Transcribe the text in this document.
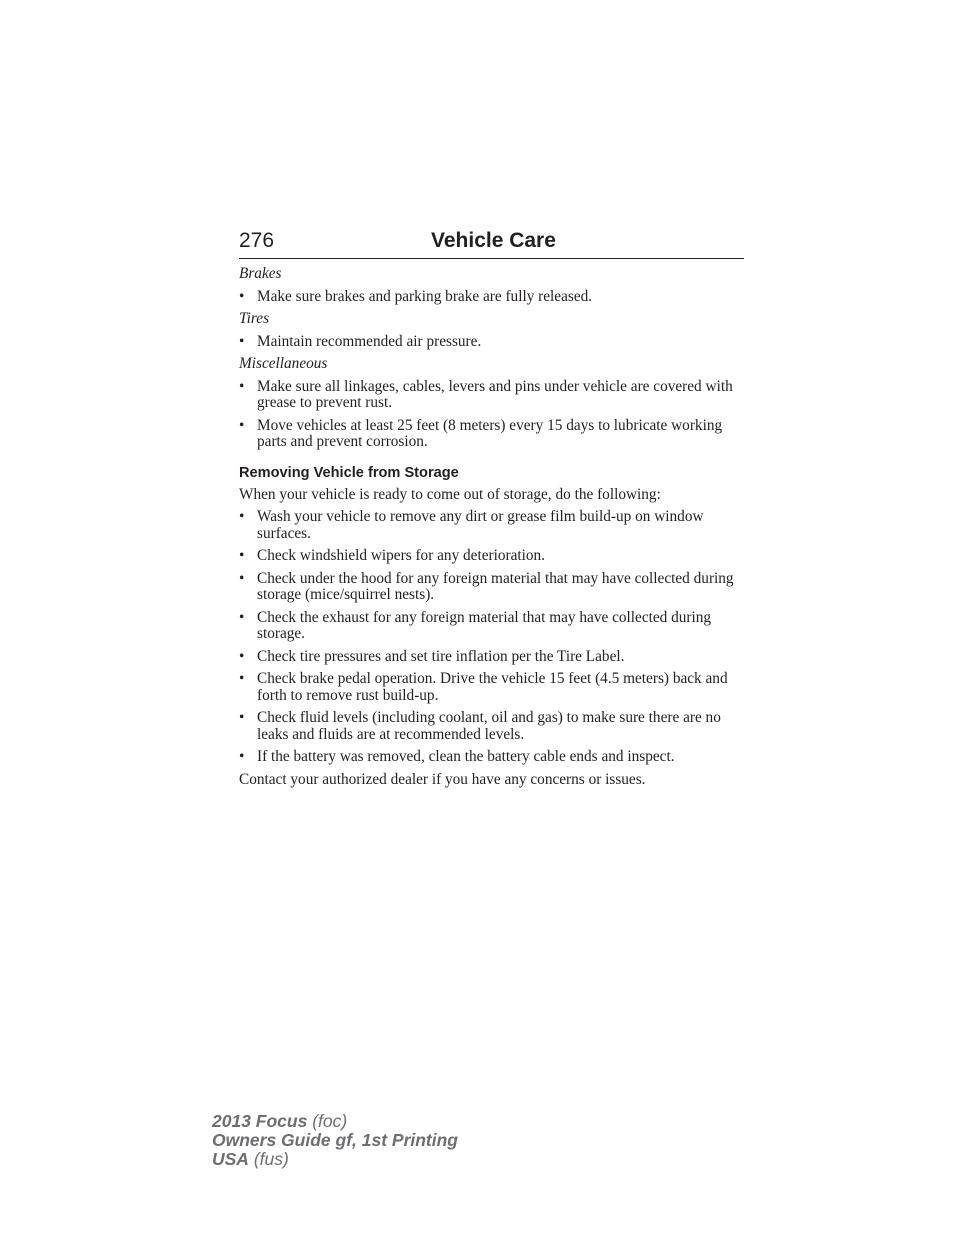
276	Vehicle Care

Brakes

• Make sure brakes and parking brake are fully released.

Tires

• Maintain recommended air pressure.

Miscellaneous

• Make sure all linkages, cables, levers and pins under vehicle are covered with grease to prevent rust.
• Move vehicles at least 25 feet (8 meters) every 15 days to lubricate working parts and prevent corrosion.
Removing Vehicle from Storage

When your vehicle is ready to come out of storage, do the following:

• Wash your vehicle to remove any dirt or grease film build-up on window surfaces.
• Check windshield wipers for any deterioration.
• Check under the hood for any foreign material that may have collected during storage (mice/squirrel nests).
• Check the exhaust for any foreign material that may have collected during storage.
• Check tire pressures and set tire inflation per the Tire Label.
• Check brake pedal operation. Drive the vehicle 15 feet (4.5 meters) back and forth to remove rust build-up.
• Check fluid levels (including coolant, oil and gas) to make sure there are no leaks and fluids are at recommended levels.
• If the battery was removed, clean the battery cable ends and inspect.

Contact your authorized dealer if you have any concerns or issues.

2013 Focus (foc)
Owners Guide gf, 1st Printing
USA (fus)
